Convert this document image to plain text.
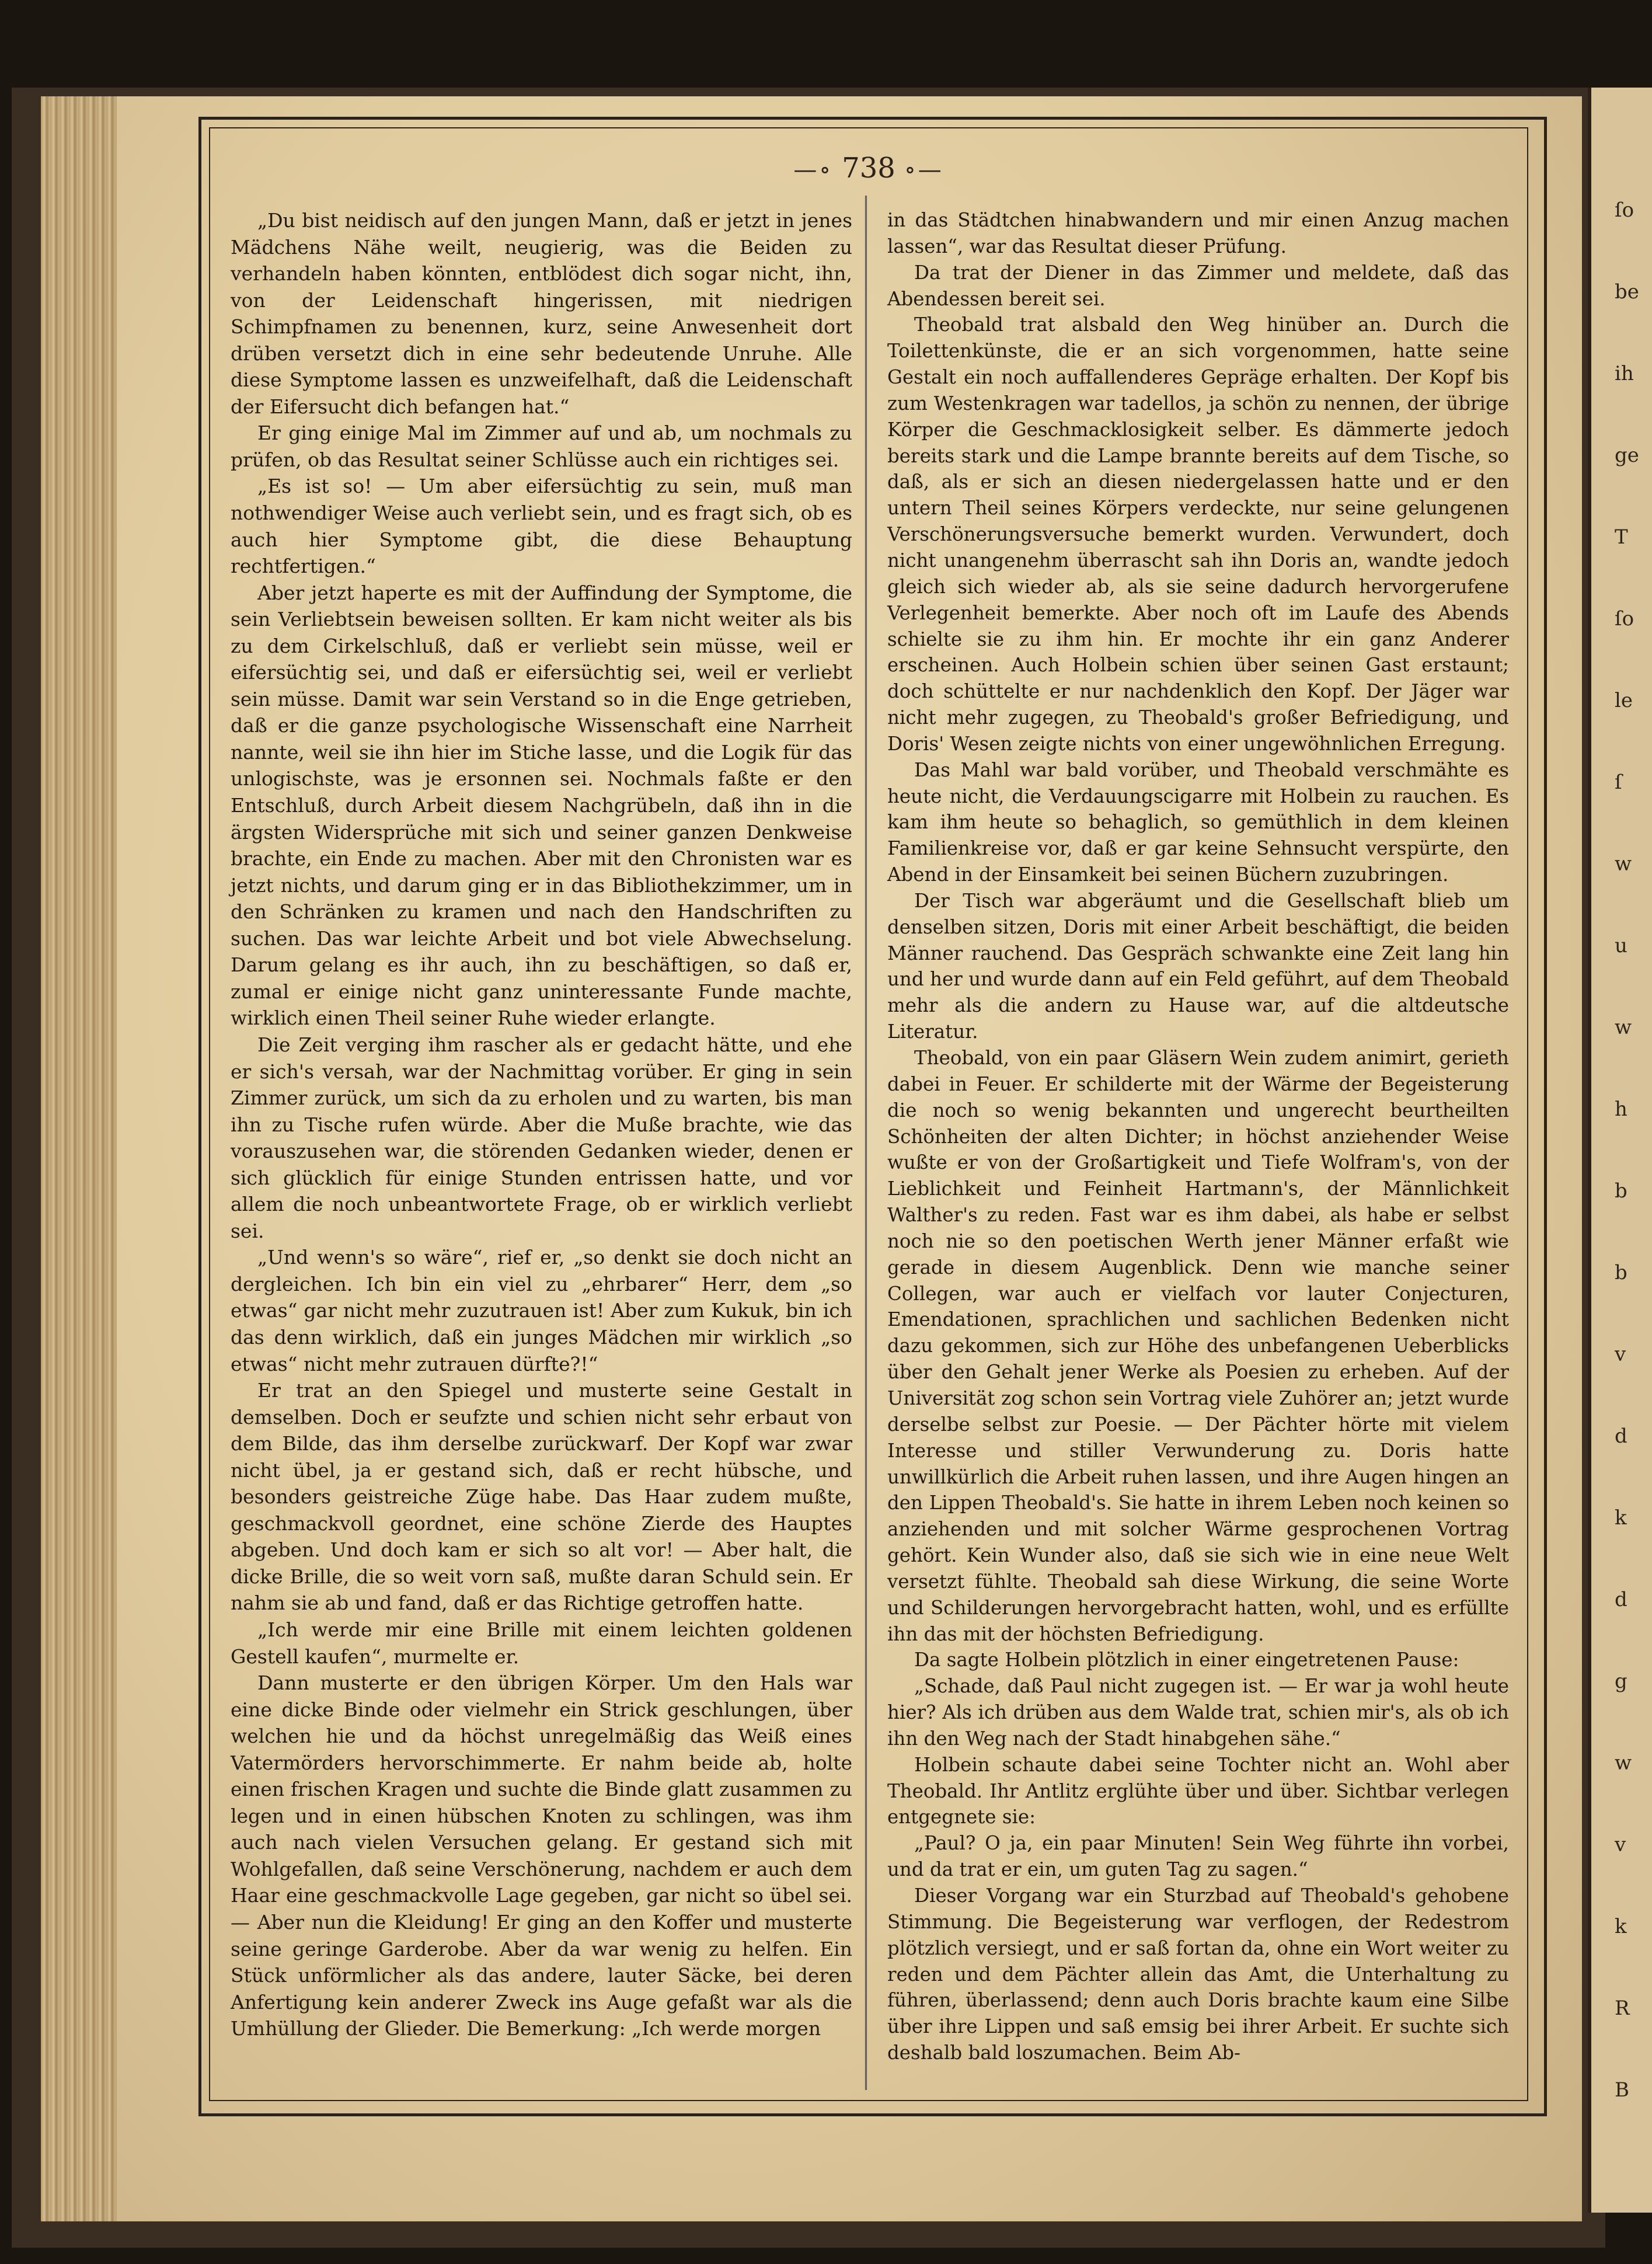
ſo
be
ih
ge
T
ſo
le
ſ
w
u
w
h
b
b
v
d
k
d
g
w
v
k
R
B
—∘ 738 ∘—

„Du bist neidisch auf den jungen Mann, daß er jetzt in jenes Mädchens Nähe weilt, neugierig, was die Beiden zu verhandeln haben könnten, entblödest dich sogar nicht, ihn, von der Leidenschaft hingerissen, mit niedrigen Schimpfnamen zu benennen, kurz, seine Anwesenheit dort drüben versetzt dich in eine sehr bedeutende Unruhe. Alle diese Symptome lassen es unzweifelhaft, daß die Leidenschaft der Eifersucht dich befangen hat.“

Er ging einige Mal im Zimmer auf und ab, um nochmals zu prüfen, ob das Resultat seiner Schlüsse auch ein richtiges sei.

„Es ist so! — Um aber eifersüchtig zu sein, muß man nothwendiger Weise auch verliebt sein, und es fragt sich, ob es auch hier Symptome gibt, die diese Behauptung rechtfertigen.“

Aber jetzt haperte es mit der Auffindung der Symptome, die sein Verliebtsein beweisen sollten. Er kam nicht weiter als bis zu dem Cirkelschluß, daß er verliebt sein müsse, weil er eifersüchtig sei, und daß er eifersüchtig sei, weil er verliebt sein müsse. Damit war sein Verstand so in die Enge getrieben, daß er die ganze psychologische Wissenschaft eine Narrheit nannte, weil sie ihn hier im Stiche lasse, und die Logik für das unlogischste, was je ersonnen sei. Nochmals faßte er den Entschluß, durch Arbeit diesem Nachgrübeln, daß ihn in die ärgsten Widersprüche mit sich und seiner ganzen Denkweise brachte, ein Ende zu machen. Aber mit den Chronisten war es jetzt nichts, und darum ging er in das Bibliothekzimmer, um in den Schränken zu kramen und nach den Handschriften zu suchen. Das war leichte Arbeit und bot viele Abwechselung. Darum gelang es ihr auch, ihn zu beschäftigen, so daß er, zumal er einige nicht ganz uninteressante Funde machte, wirklich einen Theil seiner Ruhe wieder erlangte.

Die Zeit verging ihm rascher als er gedacht hätte, und ehe er sich's versah, war der Nachmittag vorüber. Er ging in sein Zimmer zurück, um sich da zu erholen und zu warten, bis man ihn zu Tische rufen würde. Aber die Muße brachte, wie das vorauszusehen war, die störenden Gedanken wieder, denen er sich glücklich für einige Stunden entrissen hatte, und vor allem die noch unbeantwortete Frage, ob er wirklich verliebt sei.

„Und wenn's so wäre“, rief er, „so denkt sie doch nicht an dergleichen. Ich bin ein viel zu „ehrbarer“ Herr, dem „so etwas“ gar nicht mehr zuzutrauen ist! Aber zum Kukuk, bin ich das denn wirklich, daß ein junges Mädchen mir wirklich „so etwas“ nicht mehr zutrauen dürfte?!“

Er trat an den Spiegel und musterte seine Gestalt in demselben. Doch er seufzte und schien nicht sehr erbaut von dem Bilde, das ihm derselbe zurückwarf. Der Kopf war zwar nicht übel, ja er gestand sich, daß er recht hübsche, und besonders geistreiche Züge habe. Das Haar zudem mußte, geschmackvoll geordnet, eine schöne Zierde des Hauptes abgeben. Und doch kam er sich so alt vor! — Aber halt, die dicke Brille, die so weit vorn saß, mußte daran Schuld sein. Er nahm sie ab und fand, daß er das Richtige getroffen hatte.

„Ich werde mir eine Brille mit einem leichten goldenen Gestell kaufen“, murmelte er.

Dann musterte er den übrigen Körper. Um den Hals war eine dicke Binde oder vielmehr ein Strick geschlungen, über welchen hie und da höchst unregelmäßig das Weiß eines Vatermörders hervorschimmerte. Er nahm beide ab, holte einen frischen Kragen und suchte die Binde glatt zusammen zu legen und in einen hübschen Knoten zu schlingen, was ihm auch nach vielen Versuchen gelang. Er gestand sich mit Wohlgefallen, daß seine Verschönerung, nachdem er auch dem Haar eine geschmackvolle Lage gegeben, gar nicht so übel sei. — Aber nun die Kleidung! Er ging an den Koffer und musterte seine geringe Garderobe. Aber da war wenig zu helfen. Ein Stück unförmlicher als das andere, lauter Säcke, bei deren Anfertigung kein anderer Zweck ins Auge gefaßt war als die Umhüllung der Glieder. Die Bemerkung: „Ich werde morgen

in das Städtchen hinabwandern und mir einen Anzug machen lassen“, war das Resultat dieser Prüfung.

Da trat der Diener in das Zimmer und meldete, daß das Abendessen bereit sei.

Theobald trat alsbald den Weg hinüber an. Durch die Toilettenkünste, die er an sich vorgenommen, hatte seine Gestalt ein noch auffallenderes Gepräge erhalten. Der Kopf bis zum Westenkragen war tadellos, ja schön zu nennen, der übrige Körper die Geschmacklosigkeit selber. Es dämmerte jedoch bereits stark und die Lampe brannte bereits auf dem Tische, so daß, als er sich an diesen niedergelassen hatte und er den untern Theil seines Körpers verdeckte, nur seine gelungenen Verschönerungsversuche bemerkt wurden. Verwundert, doch nicht unangenehm überrascht sah ihn Doris an, wandte jedoch gleich sich wieder ab, als sie seine dadurch hervorgerufene Verlegenheit bemerkte. Aber noch oft im Laufe des Abends schielte sie zu ihm hin. Er mochte ihr ein ganz Anderer erscheinen. Auch Holbein schien über seinen Gast erstaunt; doch schüttelte er nur nachdenklich den Kopf. Der Jäger war nicht mehr zugegen, zu Theobald's großer Befriedigung, und Doris' Wesen zeigte nichts von einer ungewöhnlichen Erregung.

Das Mahl war bald vorüber, und Theobald verschmähte es heute nicht, die Verdauungscigarre mit Holbein zu rauchen. Es kam ihm heute so behaglich, so gemüthlich in dem kleinen Familienkreise vor, daß er gar keine Sehnsucht verspürte, den Abend in der Einsamkeit bei seinen Büchern zuzubringen.

Der Tisch war abgeräumt und die Gesellschaft blieb um denselben sitzen, Doris mit einer Arbeit beschäftigt, die beiden Männer rauchend. Das Gespräch schwankte eine Zeit lang hin und her und wurde dann auf ein Feld geführt, auf dem Theobald mehr als die andern zu Hause war, auf die altdeutsche Literatur.

Theobald, von ein paar Gläsern Wein zudem animirt, gerieth dabei in Feuer. Er schilderte mit der Wärme der Begeisterung die noch so wenig bekannten und ungerecht beurtheilten Schönheiten der alten Dichter; in höchst anziehender Weise wußte er von der Großartigkeit und Tiefe Wolfram's, von der Lieblichkeit und Feinheit Hartmann's, der Männlichkeit Walther's zu reden. Fast war es ihm dabei, als habe er selbst noch nie so den poetischen Werth jener Männer erfaßt wie gerade in diesem Augenblick. Denn wie manche seiner Collegen, war auch er vielfach vor lauter Conjecturen, Emendationen, sprachlichen und sachlichen Bedenken nicht dazu gekommen, sich zur Höhe des unbefangenen Ueberblicks über den Gehalt jener Werke als Poesien zu erheben. Auf der Universität zog schon sein Vortrag viele Zuhörer an; jetzt wurde derselbe selbst zur Poesie. — Der Pächter hörte mit vielem Interesse und stiller Verwunderung zu. Doris hatte unwillkürlich die Arbeit ruhen lassen, und ihre Augen hingen an den Lippen Theobald's. Sie hatte in ihrem Leben noch keinen so anziehenden und mit solcher Wärme gesprochenen Vortrag gehört. Kein Wunder also, daß sie sich wie in eine neue Welt versetzt fühlte. Theobald sah diese Wirkung, die seine Worte und Schilderungen hervorgebracht hatten, wohl, und es erfüllte ihn das mit der höchsten Befriedigung.

Da sagte Holbein plötzlich in einer eingetretenen Pause:

„Schade, daß Paul nicht zugegen ist. — Er war ja wohl heute hier? Als ich drüben aus dem Walde trat, schien mir's, als ob ich ihn den Weg nach der Stadt hinabgehen sähe.“

Holbein schaute dabei seine Tochter nicht an. Wohl aber Theobald. Ihr Antlitz erglühte über und über. Sichtbar verlegen entgegnete sie:

„Paul? O ja, ein paar Minuten! Sein Weg führte ihn vorbei, und da trat er ein, um guten Tag zu sagen.“

Dieser Vorgang war ein Sturzbad auf Theobald's gehobene Stimmung. Die Begeisterung war verflogen, der Redestrom plötzlich versiegt, und er saß fortan da, ohne ein Wort weiter zu reden und dem Pächter allein das Amt, die Unterhaltung zu führen, überlassend; denn auch Doris brachte kaum eine Silbe über ihre Lippen und saß emsig bei ihrer Arbeit. Er suchte sich deshalb bald loszumachen. Beim Ab-
